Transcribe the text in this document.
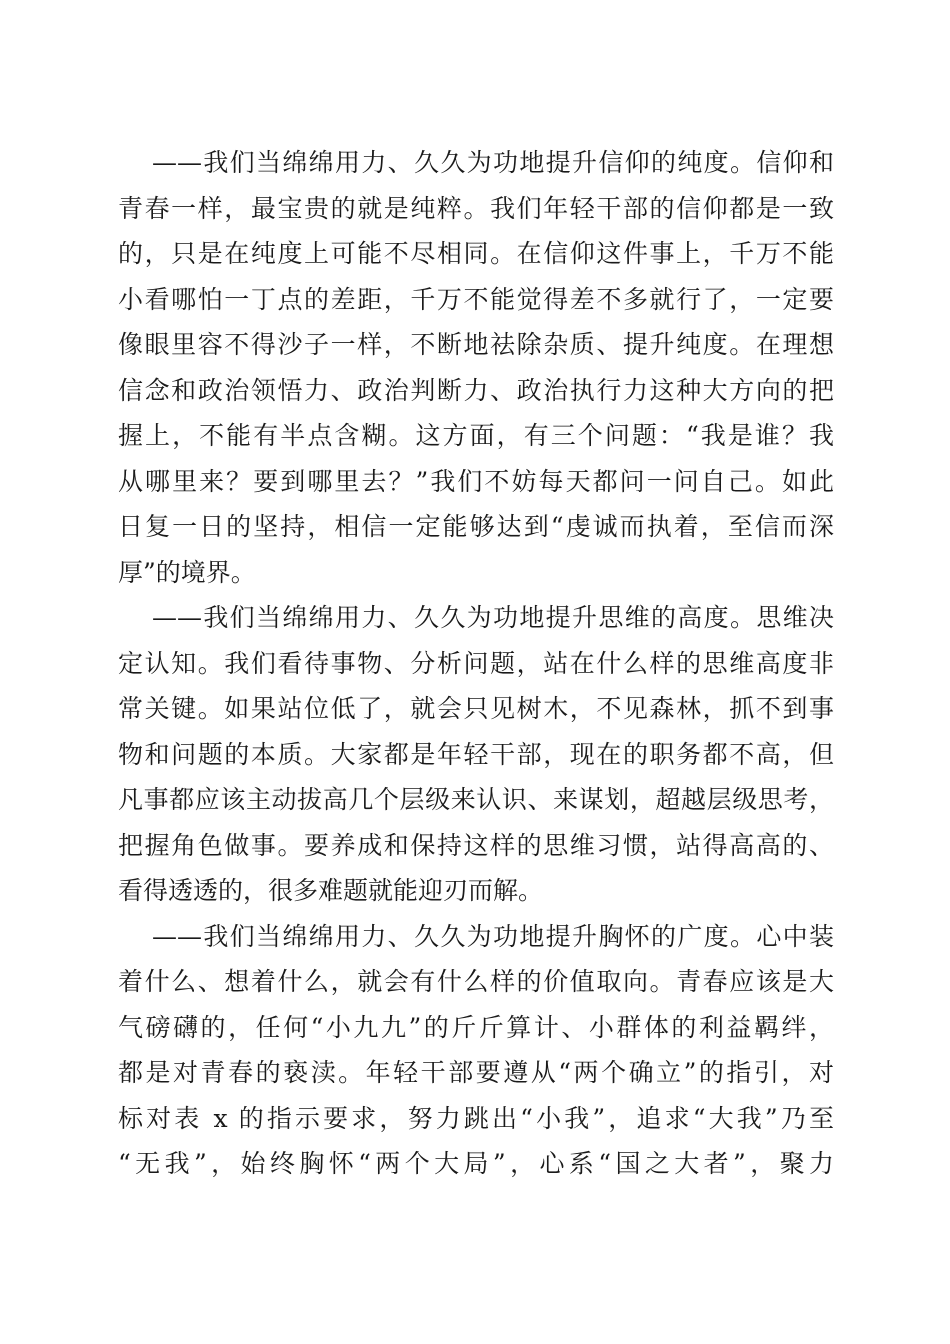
——我们当绵绵用力、久久为功地提升信仰的纯度。信仰和
青春一样，最宝贵的就是纯粹。我们年轻干部的信仰都是一致
的，只是在纯度上可能不尽相同。在信仰这件事上，千万不能
小看哪怕一丁点的差距，千万不能觉得差不多就行了，一定要
像眼里容不得沙子一样，不断地祛除杂质、提升纯度。在理想
信念和政治领悟力、政治判断力、政治执行力这种大方向的把
握上，不能有半点含糊。这方面，有三个问题：“我是谁？我
从哪里来？要到哪里去？”我们不妨每天都问一问自己。如此
日复一日的坚持，相信一定能够达到“虔诚而执着，至信而深
厚”的境界。
——我们当绵绵用力、久久为功地提升思维的高度。思维决
定认知。我们看待事物、分析问题，站在什么样的思维高度非
常关键。如果站位低了，就会只见树木，不见森林，抓不到事
物和问题的本质。大家都是年轻干部，现在的职务都不高，但
凡事都应该主动拔高几个层级来认识、来谋划，超越层级思考，
把握角色做事。要养成和保持这样的思维习惯，站得高高的、
看得透透的，很多难题就能迎刃而解。
——我们当绵绵用力、久久为功地提升胸怀的广度。心中装
着什么、想着什么，就会有什么样的价值取向。青春应该是大
气磅礴的，任何“小九九”的斤斤算计、小群体的利益羁绊，
都是对青春的亵渎。年轻干部要遵从“两个确立”的指引，对
标对表 x 的指示要求，努力跳出“小我”，追求“大我”乃至
“无我”，始终胸怀“两个大局”，心系“国之大者”，聚力
